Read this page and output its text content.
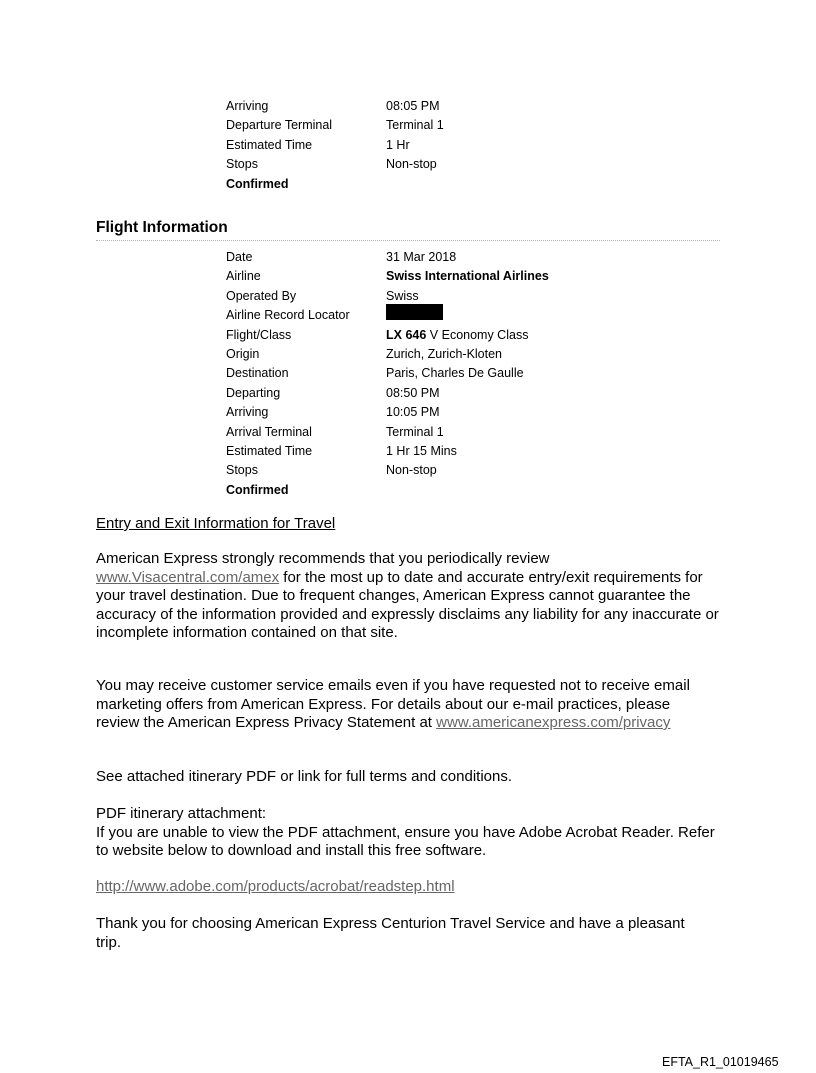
Arriving	08:05 PM
Departure Terminal	Terminal 1
Estimated Time	1 Hr
Stops	Non-stop
Confirmed
Flight Information
Date	31 Mar 2018
Airline	Swiss International Airlines
Operated By	Swiss
Airline Record Locator
Flight/Class	LX 646 V Economy Class
Origin	Zurich, Zurich-Kloten
Destination	Paris, Charles De Gaulle
Departing	08:50 PM
Arriving	10:05 PM
Arrival Terminal	Terminal 1
Estimated Time	1 Hr 15 Mins
Stops	Non-stop
Confirmed
Entry and Exit Information for Travel
American Express strongly recommends that you periodically review www.Visacentral.com/amex for the most up to date and accurate entry/exit requirements for your travel destination. Due to frequent changes, American Express cannot guarantee the accuracy of the information provided and expressly disclaims any liability for any inaccurate or incomplete information contained on that site.
You may receive customer service emails even if you have requested not to receive email marketing offers from American Express. For details about our e-mail practices, please review the American Express Privacy Statement at www.americanexpress.com/privacy
See attached itinerary PDF or link for full terms and conditions.
PDF itinerary attachment:
If you are unable to view the PDF attachment, ensure you have Adobe Acrobat Reader. Refer to website below to download and install this free software.
http://www.adobe.com/products/acrobat/readstep.html
Thank you for choosing American Express Centurion Travel Service and have a pleasant trip.
EFTA_R1_01019465
